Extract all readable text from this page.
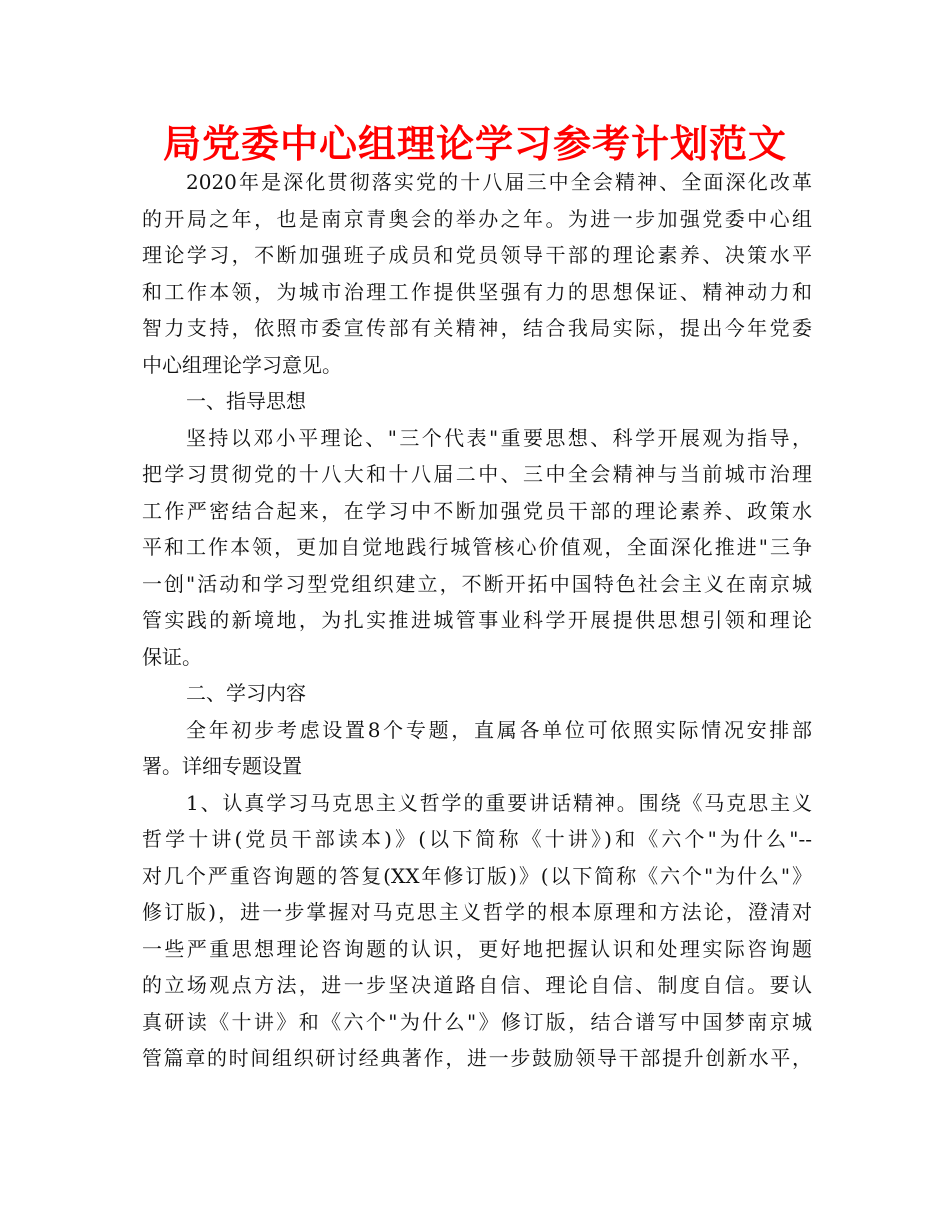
局党委中心组理论学习参考计划范文
2020年是深化贯彻落实党的十八届三中全会精神、全面深化改革
的开局之年，也是南京青奥会的举办之年。为进一步加强党委中心组
理论学习，不断加强班子成员和党员领导干部的理论素养、决策水平
和工作本领，为城市治理工作提供坚强有力的思想保证、精神动力和
智力支持，依照市委宣传部有关精神，结合我局实际，提出今年党委
中心组理论学习意见。
一、指导思想
坚持以邓小平理论、"三个代表"重要思想、科学开展观为指导，
把学习贯彻党的十八大和十八届二中、三中全会精神与当前城市治理
工作严密结合起来，在学习中不断加强党员干部的理论素养、政策水
平和工作本领，更加自觉地践行城管核心价值观，全面深化推进"三争
一创"活动和学习型党组织建立，不断开拓中国特色社会主义在南京城
管实践的新境地，为扎实推进城管事业科学开展提供思想引领和理论
保证。
二、学习内容
全年初步考虑设置8个专题，直属各单位可依照实际情况安排部
署。详细专题设置
1、认真学习马克思主义哲学的重要讲话精神。围绕《马克思主义
哲学十讲(党员干部读本)》(以下简称《十讲》)和《六个"为什么"--
对几个严重咨询题的答复(XX年修订版)》(以下简称《六个"为什么"》
修订版)，进一步掌握对马克思主义哲学的根本原理和方法论，澄清对
一些严重思想理论咨询题的认识，更好地把握认识和处理实际咨询题
的立场观点方法，进一步坚决道路自信、理论自信、制度自信。要认
真研读《十讲》和《六个"为什么"》修订版，结合谱写中国梦南京城
管篇章的时间组织研讨经典著作，进一步鼓励领导干部提升创新水平，
